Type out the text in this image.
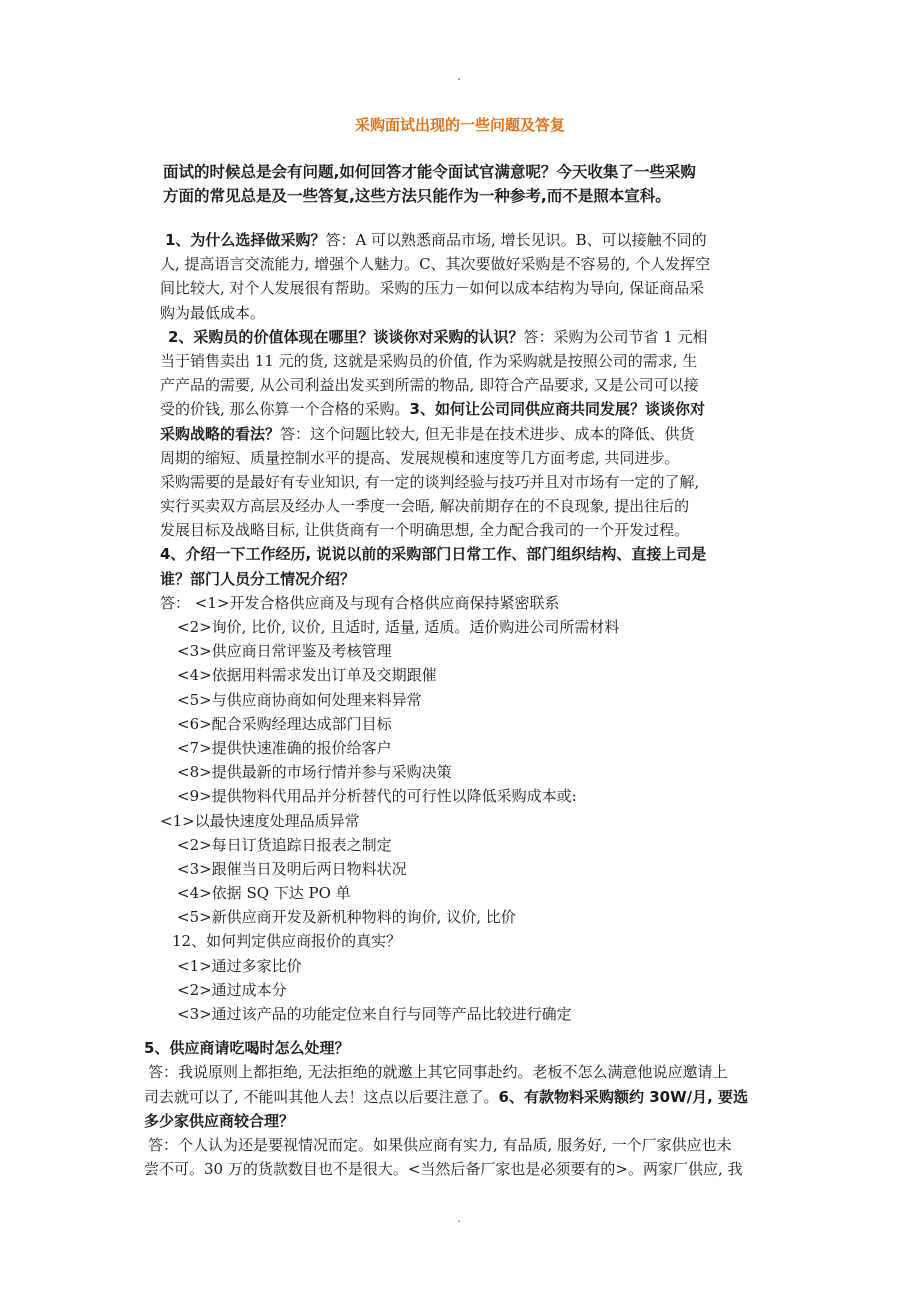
.
采购面试出现的一些问题及答复
面试的时候总是会有问题,如何回答才能令面试官满意呢？今天收集了一些采购
方面的常见总是及一些答复,这些方法只能作为一种参考,而不是照本宣科。
1、为什么选择做采购？答：A 可以熟悉商品市场, 增长见识。B、可以接触不同的
人, 提高语言交流能力, 增强个人魅力。C、其次要做好采购是不容易的, 个人发挥空
间比较大, 对个人发展很有帮助。采购的压力－如何以成本结构为导向, 保证商品采
购为最低成本。
2、采购员的价值体现在哪里？谈谈你对采购的认识？答：采购为公司节省 1 元相
当于销售卖出 11 元的货, 这就是采购员的价值, 作为采购就是按照公司的需求, 生
产产品的需要, 从公司利益出发买到所需的物品, 即符合产品要求, 又是公司可以接
受的价钱, 那么你算一个合格的采购。3、如何让公司同供应商共同发展？谈谈你对
采购战略的看法？答：这个问题比较大, 但无非是在技术进步、成本的降低、供货
周期的缩短、质量控制水平的提高、发展规模和速度等几方面考虑, 共同进步。
采购需要的是最好有专业知识, 有一定的谈判经验与技巧并且对市场有一定的了解,
实行买卖双方高层及经办人一季度一会晤, 解决前期存在的不良现象, 提出往后的
发展目标及战略目标, 让供货商有一个明确思想, 全力配合我司的一个开发过程。
4、介绍一下工作经历, 说说以前的采购部门日常工作、部门组织结构、直接上司是
谁？部门人员分工情况介绍？
答： <1>开发合格供应商及与现有合格供应商保持紧密联系
<2>询价, 比价, 议价, 且适时, 适量, 适质。适价购进公司所需材料
<3>供应商日常评鉴及考核管理
<4>依据用料需求发出订单及交期跟催
<5>与供应商协商如何处理来料异常
<6>配合采购经理达成部门目标
<7>提供快速准确的报价给客户
<8>提供最新的市场行情并参与采购决策
<9>提供物料代用品并分析替代的可行性以降低采购成本或:
<1>以最快速度处理品质异常
<2>每日订货追踪日报表之制定
<3>跟催当日及明后两日物料状况
<4>依据 SQ 下达 PO 单
<5>新供应商开发及新机种物料的询价, 议价, 比价
12、如何判定供应商报价的真实？
<1>通过多家比价
<2>通过成本分
<3>通过该产品的功能定位来自行与同等产品比较进行确定
5、供应商请吃喝时怎么处理？
答：我说原则上都拒绝, 无法拒绝的就邀上其它同事赴约。老板不怎么满意他说应邀请上
司去就可以了, 不能叫其他人去！这点以后要注意了。6、有款物料采购额约 30W/月, 要选
多少家供应商较合理？
答：个人认为还是要视情况而定。如果供应商有实力, 有品质, 服务好, 一个厂家供应也未
尝不可。30 万的货款数目也不是很大。<当然后备厂家也是必须要有的>。两家厂供应, 我
.
